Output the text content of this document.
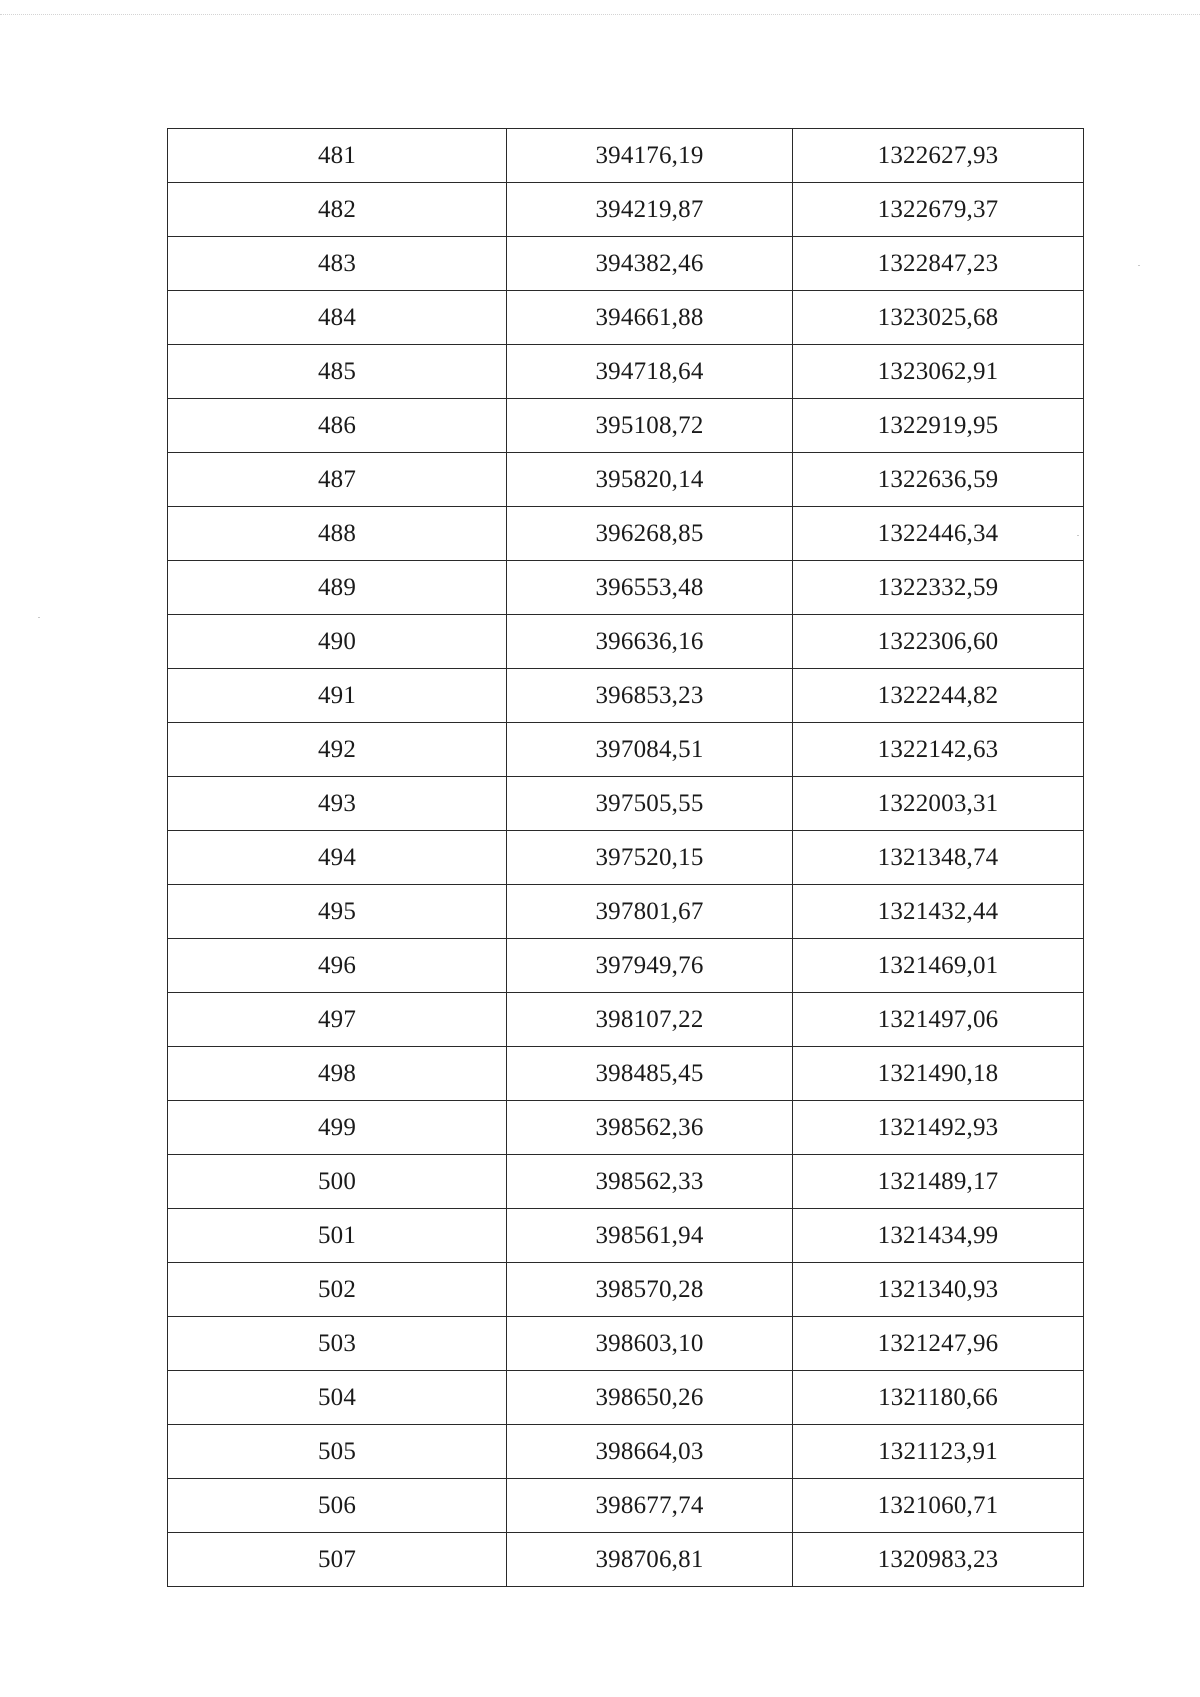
481	394176,19	1322627,93
482	394219,87	1322679,37
483	394382,46	1322847,23
484	394661,88	1323025,68
485	394718,64	1323062,91
486	395108,72	1322919,95
487	395820,14	1322636,59
488	396268,85	1322446,34
489	396553,48	1322332,59
490	396636,16	1322306,60
491	396853,23	1322244,82
492	397084,51	1322142,63
493	397505,55	1322003,31
494	397520,15	1321348,74
495	397801,67	1321432,44
496	397949,76	1321469,01
497	398107,22	1321497,06
498	398485,45	1321490,18
499	398562,36	1321492,93
500	398562,33	1321489,17
501	398561,94	1321434,99
502	398570,28	1321340,93
503	398603,10	1321247,96
504	398650,26	1321180,66
505	398664,03	1321123,91
506	398677,74	1321060,71
507	398706,81	1320983,23
